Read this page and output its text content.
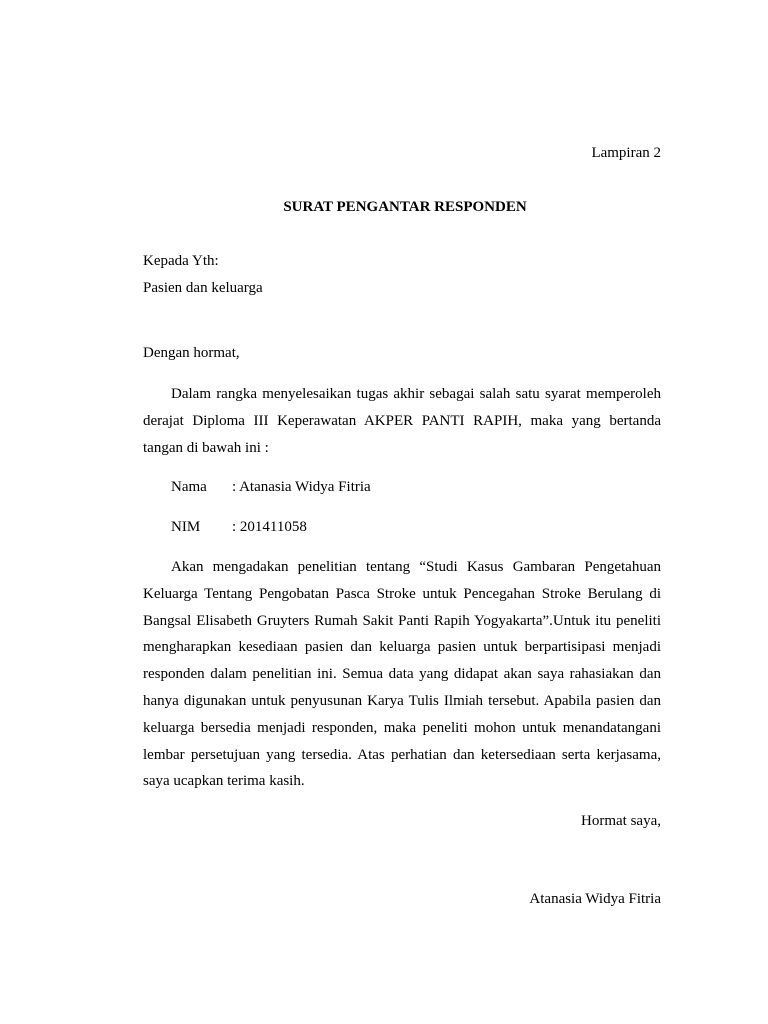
Lampiran 2
SURAT PENGANTAR RESPONDEN
Kepada Yth:
Pasien dan keluarga
Dengan hormat,
Dalam rangka menyelesaikan tugas akhir sebagai salah satu syarat memperoleh derajat Diploma III Keperawatan AKPER PANTI RAPIH, maka yang bertanda tangan di bawah ini :
Nama : Atanasia Widya Fitria
NIM : 201411058
Akan mengadakan penelitian tentang “Studi Kasus Gambaran Pengetahuan Keluarga Tentang Pengobatan Pasca Stroke untuk Pencegahan Stroke Berulang di Bangsal Elisabeth Gruyters Rumah Sakit Panti Rapih Yogyakarta”.Untuk itu peneliti mengharapkan kesediaan pasien dan keluarga pasien untuk berpartisipasi menjadi responden dalam penelitian ini. Semua data yang didapat akan saya rahasiakan dan hanya digunakan untuk penyusunan Karya Tulis Ilmiah tersebut. Apabila pasien dan keluarga bersedia menjadi responden, maka peneliti mohon untuk menandatangani lembar persetujuan yang tersedia. Atas perhatian dan ketersediaan serta kerjasama, saya ucapkan terima kasih.
Hormat saya,
Atanasia Widya Fitria
